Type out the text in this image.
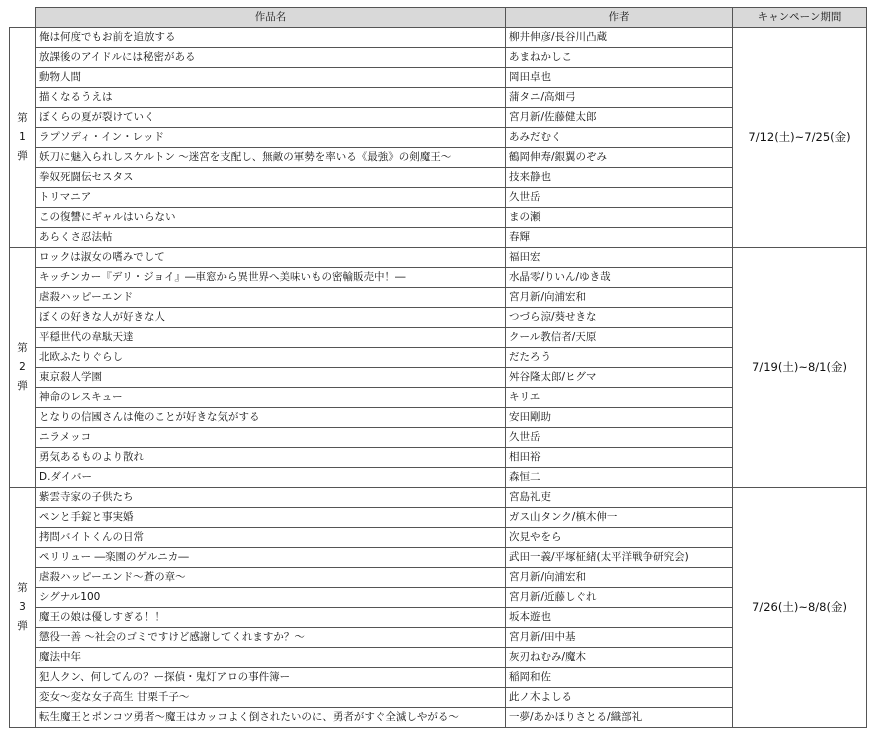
	作品名	作者	キャンペーン期間

第
1
弾	俺は何度でもお前を追放する	柳井伸彦/長谷川凸蔵	7/12(土)~7/25(金)
	放課後のアイドルには秘密がある	あまねかしこ	
	動物人間	岡田卓也	
	描くなるうえは	蒲タニ/高畑弓	
	ぼくらの夏が裂けていく	宮月新/佐藤健太郎	
	ラプソディ・イン・レッド	あみだむく	
	妖刀に魅入られしスケルトン ～迷宮を支配し、無敵の軍勢を率いる《最強》の剣魔王～	鶴岡伸寿/銀翼のぞみ	
	拳奴死闘伝セスタス	技来静也	
	トリマニア	久世岳	
	この復讐にギャルはいらない	まの瀬	
	あらくさ忍法帖	春輝	

第
2
弾	ロックは淑女の嗜みでして	福田宏	7/19(土)~8/1(金)
	キッチンカー『デリ・ジョイ』―車窓から異世界へ美味いもの密輸販売中！―	水晶零/りいん/ゆき哉	
	虐殺ハッピーエンド	宮月新/向浦宏和	
	ぼくの好きな人が好きな人	つづら涼/葵せきな	
	平穏世代の韋駄天達	クール教信者/天原	
	北欧ふたりぐらし	だたろう	
	東京殺人学園	舛谷隆太郎/ヒグマ	
	神命のレスキュー	キリエ	
	となりの信國さんは俺のことが好きな気がする	安田剛助	
	ニラメッコ	久世岳	
	勇気あるものより散れ	相田裕	
	D.ダイバー	森恒二	

第
3
弾	紫雲寺家の子供たち	宮島礼吏	7/26(土)~8/8(金)
	ペンと手錠と事実婚	ガス山タンク/槙木伸一	
	拷問バイトくんの日常	次見やをら	
	ペリリュー ―楽園のゲルニカ―	武田一義/平塚柾緒(太平洋戦争研究会)	
	虐殺ハッピーエンド～蒼の章～	宮月新/向浦宏和	
	シグナル100	宮月新/近藤しぐれ	
	魔王の娘は優しすぎる！！	坂本遊也	
	懲役一善 ～社会のゴミですけど感謝してくれますか？～	宮月新/田中基	
	魔法中年	灰刃ねむみ/魔木	
	犯人クン、何してんの？ー探偵・鬼灯アロの事件簿ー	稲岡和佐	
	変女～変な女子高生 甘栗千子～	此ノ木よしる	
	転生魔王とポンコツ勇者～魔王はカッコよく倒されたいのに、勇者がすぐ全滅しやがる～	一夢/あかほりさとる/織部礼	
